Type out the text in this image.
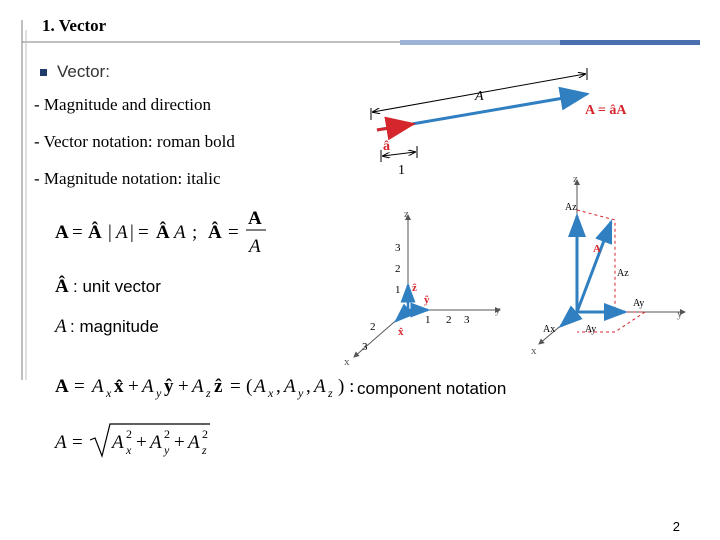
1. Vector
Vector:
- Magnitude and direction
- Vector notation: roman bold
- Magnitude notation: italic
A = Â | A | = Â A ; Â =
A
A
Â
A
: unit vector
: magnitude
A = A x x̂ + A y ŷ + A z ẑ = ( A x , A y , A z ) :
A = A 2
x + A 2
y + A 2
z
component notation
A
A = âA
â
1
z
y
x
3
2
1
1 2 3
2
3
ẑ
ŷ
x̂
z
y
x
Az
A
Az
Ay
Ax	Ay
2
